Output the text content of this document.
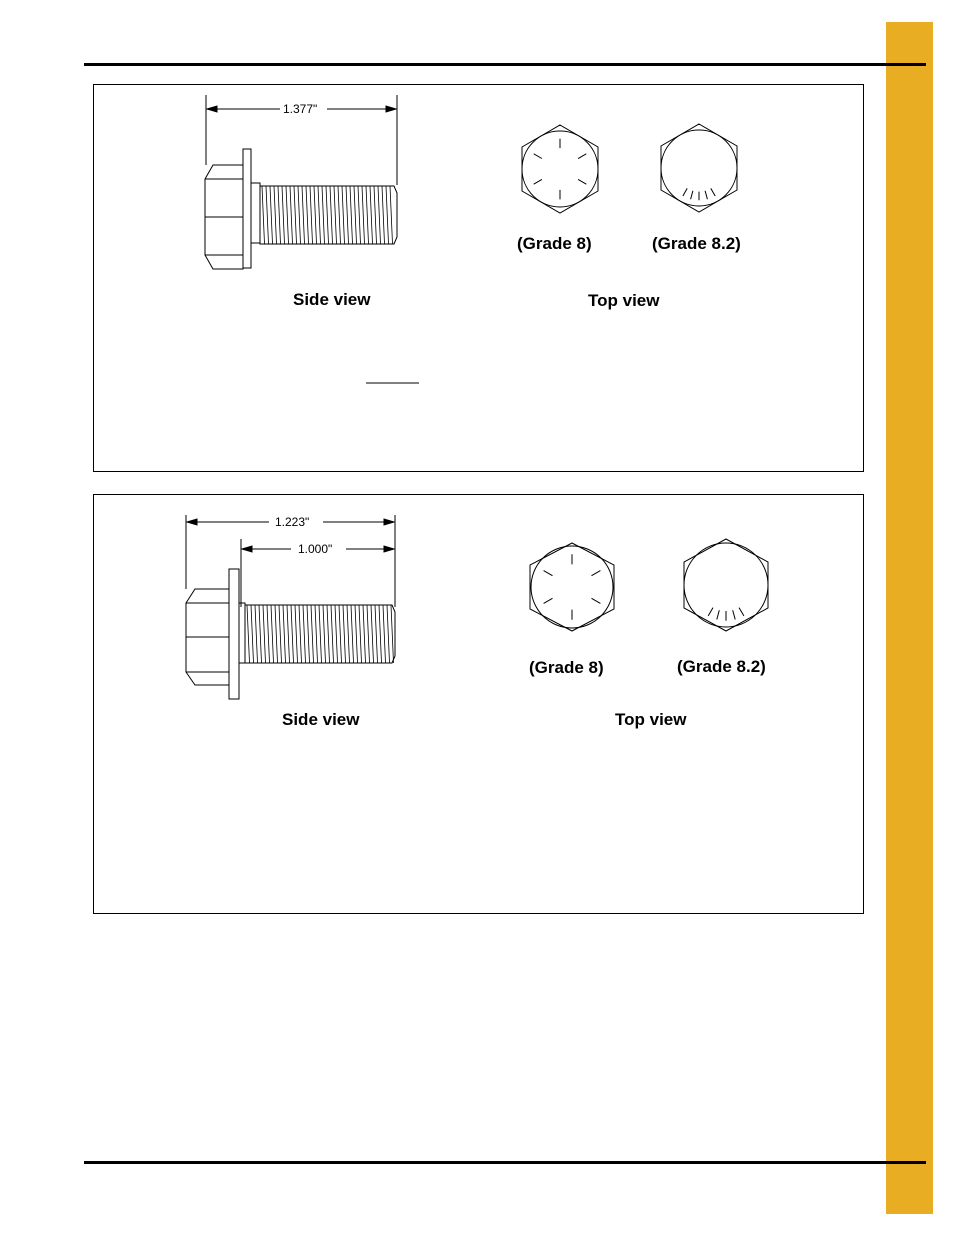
1.377"
(Grade 8)	(Grade 8.2)
Side view	Top view
1.223"
1.000"
(Grade 8)	(Grade 8.2)
Side view	Top view
